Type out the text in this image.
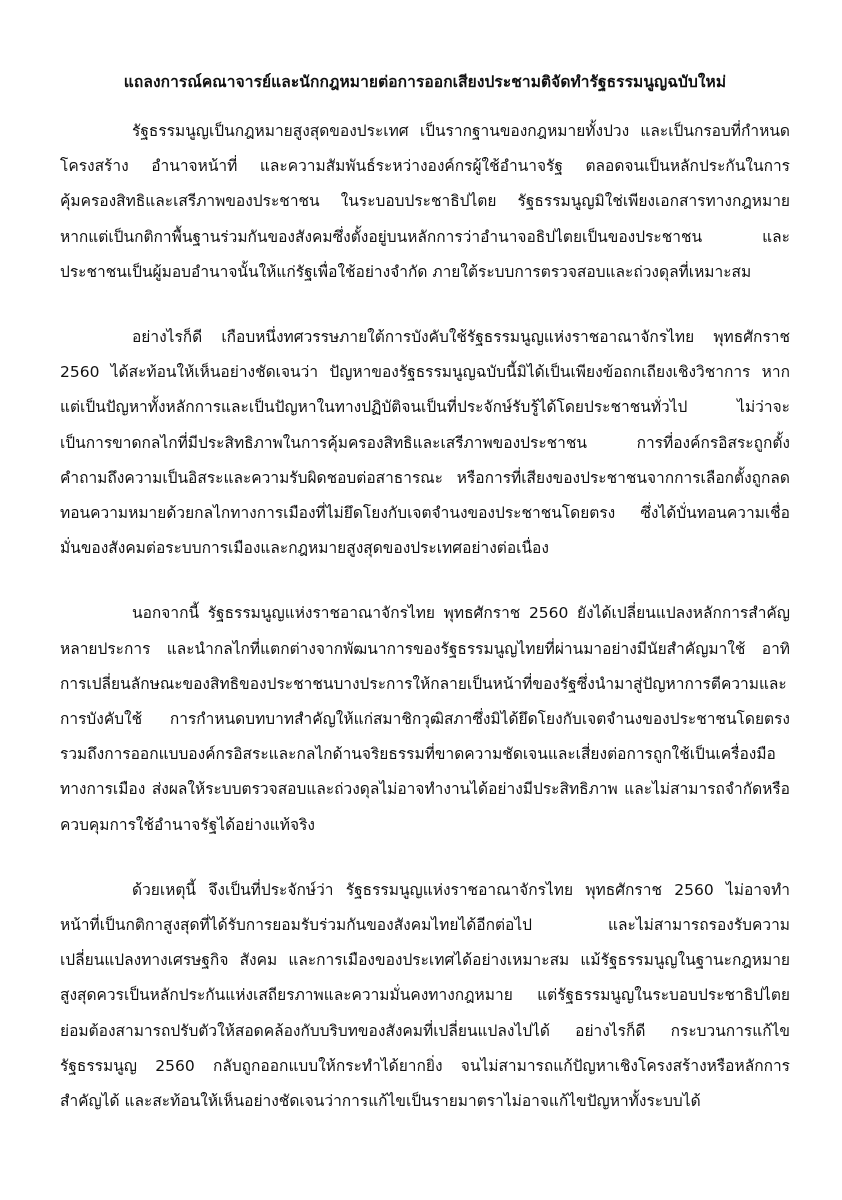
แถลงการณ์คณาจารย์และนักกฎหมายต่อการออกเสียงประชามติจัดทำรัฐธรรมนูญฉบับใหม่

รัฐธรรมนูญเป็นกฎหมายสูงสุดของประเทศ เป็นรากฐานของกฎหมายทั้งปวง และเป็นกรอบที่กำหนดโครงสร้าง อำนาจหน้าที่ และความสัมพันธ์ระหว่างองค์กรผู้ใช้อำนาจรัฐ ตลอดจนเป็นหลักประกันในการคุ้มครองสิทธิและเสรีภาพของประชาชน ในระบอบประชาธิปไตย รัฐธรรมนูญมิใช่เพียงเอกสารทางกฎหมาย หากแต่เป็นกติกาพื้นฐานร่วมกันของสังคมซึ่งตั้งอยู่บนหลักการว่าอำนาจอธิปไตยเป็นของประชาชน และประชาชนเป็นผู้มอบอำนาจนั้นให้แก่รัฐเพื่อใช้อย่างจำกัด ภายใต้ระบบการตรวจสอบและถ่วงดุลที่เหมาะสม

อย่างไรก็ดี เกือบหนึ่งทศวรรษภายใต้การบังคับใช้รัฐธรรมนูญแห่งราชอาณาจักรไทย พุทธศักราช 2560 ได้สะท้อนให้เห็นอย่างชัดเจนว่า ปัญหาของรัฐธรรมนูญฉบับนี้มิได้เป็นเพียงข้อถกเถียงเชิงวิชาการ หากแต่เป็นปัญหาทั้งหลักการและเป็นปัญหาในทางปฏิบัติจนเป็นที่ประจักษ์รับรู้ได้โดยประชาชนทั่วไป ไม่ว่าจะเป็นการขาดกลไกที่มีประสิทธิภาพในการคุ้มครองสิทธิและเสรีภาพของประชาชน การที่องค์กรอิสระถูกตั้งคำถามถึงความเป็นอิสระและความรับผิดชอบต่อสาธารณะ หรือการที่เสียงของประชาชนจากการเลือกตั้งถูกลดทอนความหมายด้วยกลไกทางการเมืองที่ไม่ยึดโยงกับเจตจำนงของประชาชนโดยตรง ซึ่งได้บั่นทอนความเชื่อมั่นของสังคมต่อระบบการเมืองและกฎหมายสูงสุดของประเทศอย่างต่อเนื่อง

นอกจากนี้ รัฐธรรมนูญแห่งราชอาณาจักรไทย พุทธศักราช 2560 ยังได้เปลี่ยนแปลงหลักการสำคัญหลายประการ และนำกลไกที่แตกต่างจากพัฒนาการของรัฐธรรมนูญไทยที่ผ่านมาอย่างมีนัยสำคัญมาใช้ อาทิ การเปลี่ยนลักษณะของสิทธิของประชาชนบางประการให้กลายเป็นหน้าที่ของรัฐซึ่งนำมาสู่ปัญหาการตีความและการบังคับใช้ การกำหนดบทบาทสำคัญให้แก่สมาชิกวุฒิสภาซึ่งมิได้ยึดโยงกับเจตจำนงของประชาชนโดยตรง รวมถึงการออกแบบองค์กรอิสระและกลไกด้านจริยธรรมที่ขาดความชัดเจนและเสี่ยงต่อการถูกใช้เป็นเครื่องมือทางการเมือง ส่งผลให้ระบบตรวจสอบและถ่วงดุลไม่อาจทำงานได้อย่างมีประสิทธิภาพ และไม่สามารถจำกัดหรือควบคุมการใช้อำนาจรัฐได้อย่างแท้จริง

ด้วยเหตุนี้ จึงเป็นที่ประจักษ์ว่า รัฐธรรมนูญแห่งราชอาณาจักรไทย พุทธศักราช 2560 ไม่อาจทำหน้าที่เป็นกติกาสูงสุดที่ได้รับการยอมรับร่วมกันของสังคมไทยได้อีกต่อไป และไม่สามารถรองรับความเปลี่ยนแปลงทางเศรษฐกิจ สังคม และการเมืองของประเทศได้อย่างเหมาะสม แม้รัฐธรรมนูญในฐานะกฎหมายสูงสุดควรเป็นหลักประกันแห่งเสถียรภาพและความมั่นคงทางกฎหมาย แต่รัฐธรรมนูญในระบอบประชาธิปไตยย่อมต้องสามารถปรับตัวให้สอดคล้องกับบริบทของสังคมที่เปลี่ยนแปลงไปได้ อย่างไรก็ดี กระบวนการแก้ไขรัฐธรรมนูญ 2560 กลับถูกออกแบบให้กระทำได้ยากยิ่ง จนไม่สามารถแก้ปัญหาเชิงโครงสร้างหรือหลักการสำคัญได้ และสะท้อนให้เห็นอย่างชัดเจนว่าการแก้ไขเป็นรายมาตราไม่อาจแก้ไขปัญหาทั้งระบบได้
